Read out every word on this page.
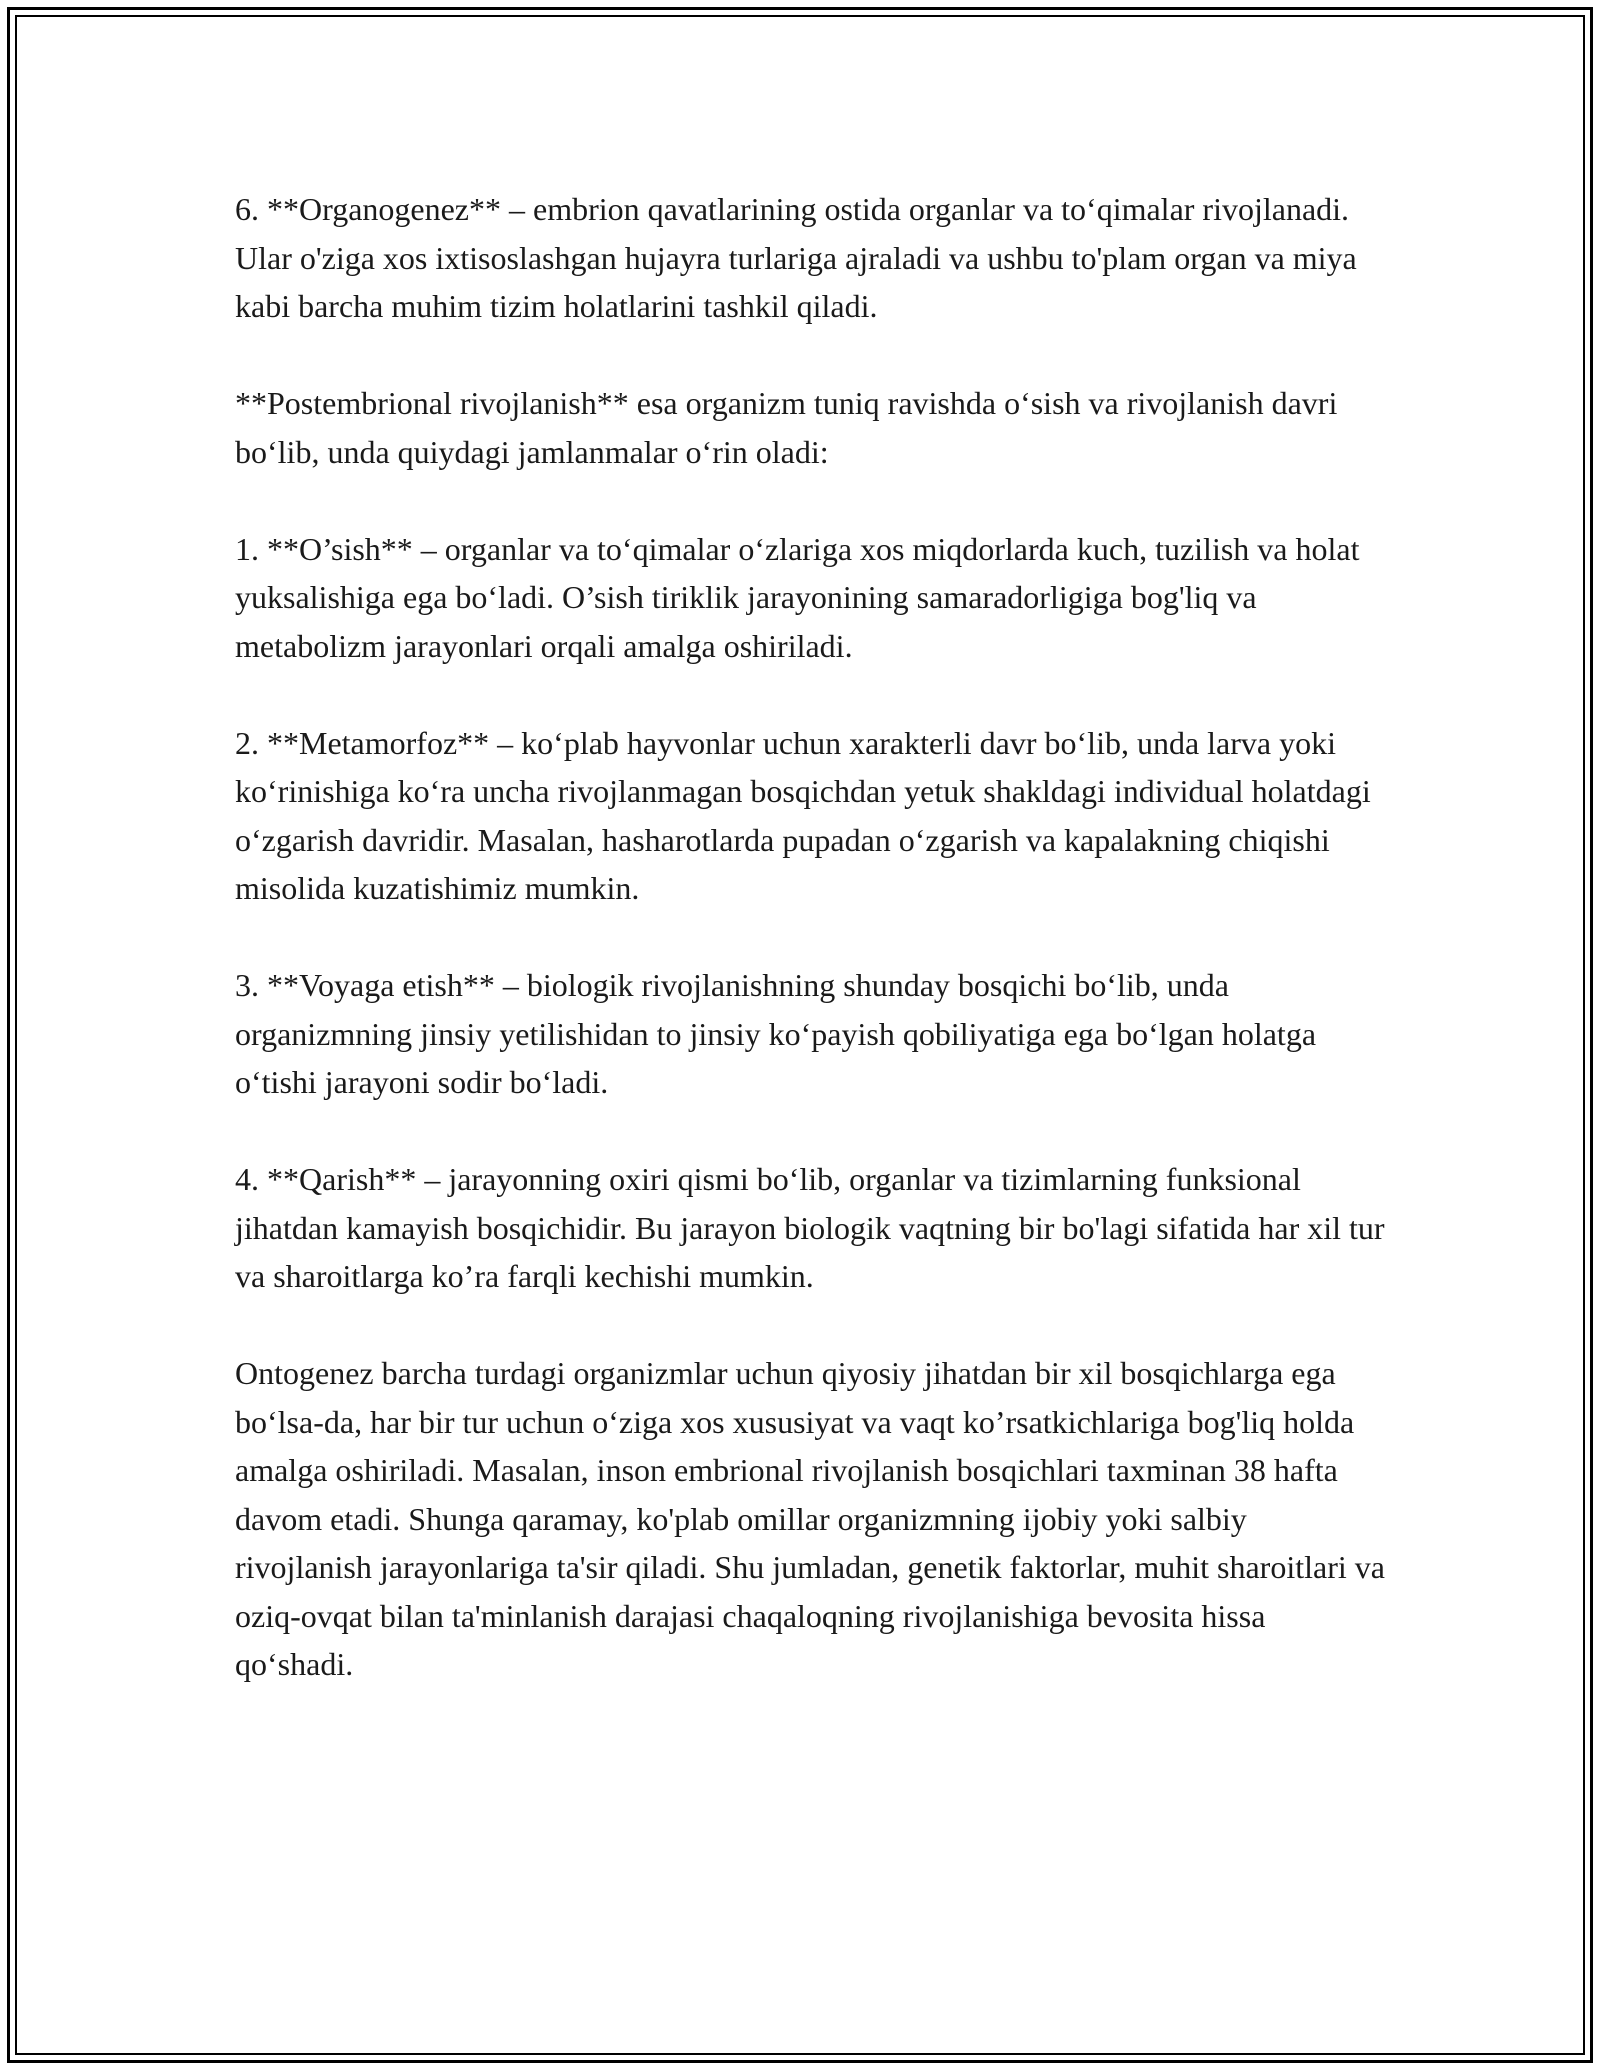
6. **Organogenez** – embrion qavatlarining ostida organlar va to‘qimalar rivojlanadi. Ular o'ziga xos ixtisoslashgan hujayra turlariga ajraladi va ushbu to'plam organ va miya kabi barcha muhim tizim holatlarini tashkil qiladi.

**Postembrional rivojlanish** esa organizm tuniq ravishda o‘sish va rivojlanish davri bo‘lib, unda quiydagi jamlanmalar o‘rin oladi:

1. **O’sish** – organlar va to‘qimalar o‘zlariga xos miqdorlarda kuch, tuzilish va holat yuksalishiga ega bo‘ladi. O’sish tiriklik jarayonining samaradorligiga bog'liq va metabolizm jarayonlari orqali amalga oshiriladi.

2. **Metamorfoz** – ko‘plab hayvonlar uchun xarakterli davr bo‘lib, unda larva yoki ko‘rinishiga ko‘ra uncha rivojlanmagan bosqichdan yetuk shakldagi individual holatdagi o‘zgarish davridir. Masalan, hasharotlarda pupadan o‘zgarish va kapalakning chiqishi misolida kuzatishimiz mumkin.

3. **Voyaga etish** – biologik rivojlanishning shunday bosqichi bo‘lib, unda organizmning jinsiy yetilishidan to jinsiy ko‘payish qobiliyatiga ega bo‘lgan holatga o‘tishi jarayoni sodir bo‘ladi.

4. **Qarish** – jarayonning oxiri qismi bo‘lib, organlar va tizimlarning funksional jihatdan kamayish bosqichidir. Bu jarayon biologik vaqtning bir bo'lagi sifatida har xil tur va sharoitlarga ko’ra farqli kechishi mumkin.

Ontogenez barcha turdagi organizmlar uchun qiyosiy jihatdan bir xil bosqichlarga ega bo‘lsa-da, har bir tur uchun o‘ziga xos xususiyat va vaqt ko’rsatkichlariga bog'liq holda amalga oshiriladi. Masalan, inson embrional rivojlanish bosqichlari taxminan 38 hafta davom etadi. Shunga qaramay, ko'plab omillar organizmning ijobiy yoki salbiy rivojlanish jarayonlariga ta'sir qiladi. Shu jumladan, genetik faktorlar, muhit sharoitlari va oziq-ovqat bilan ta'minlanish darajasi chaqaloqning rivojlanishiga bevosita hissa qo‘shadi.
